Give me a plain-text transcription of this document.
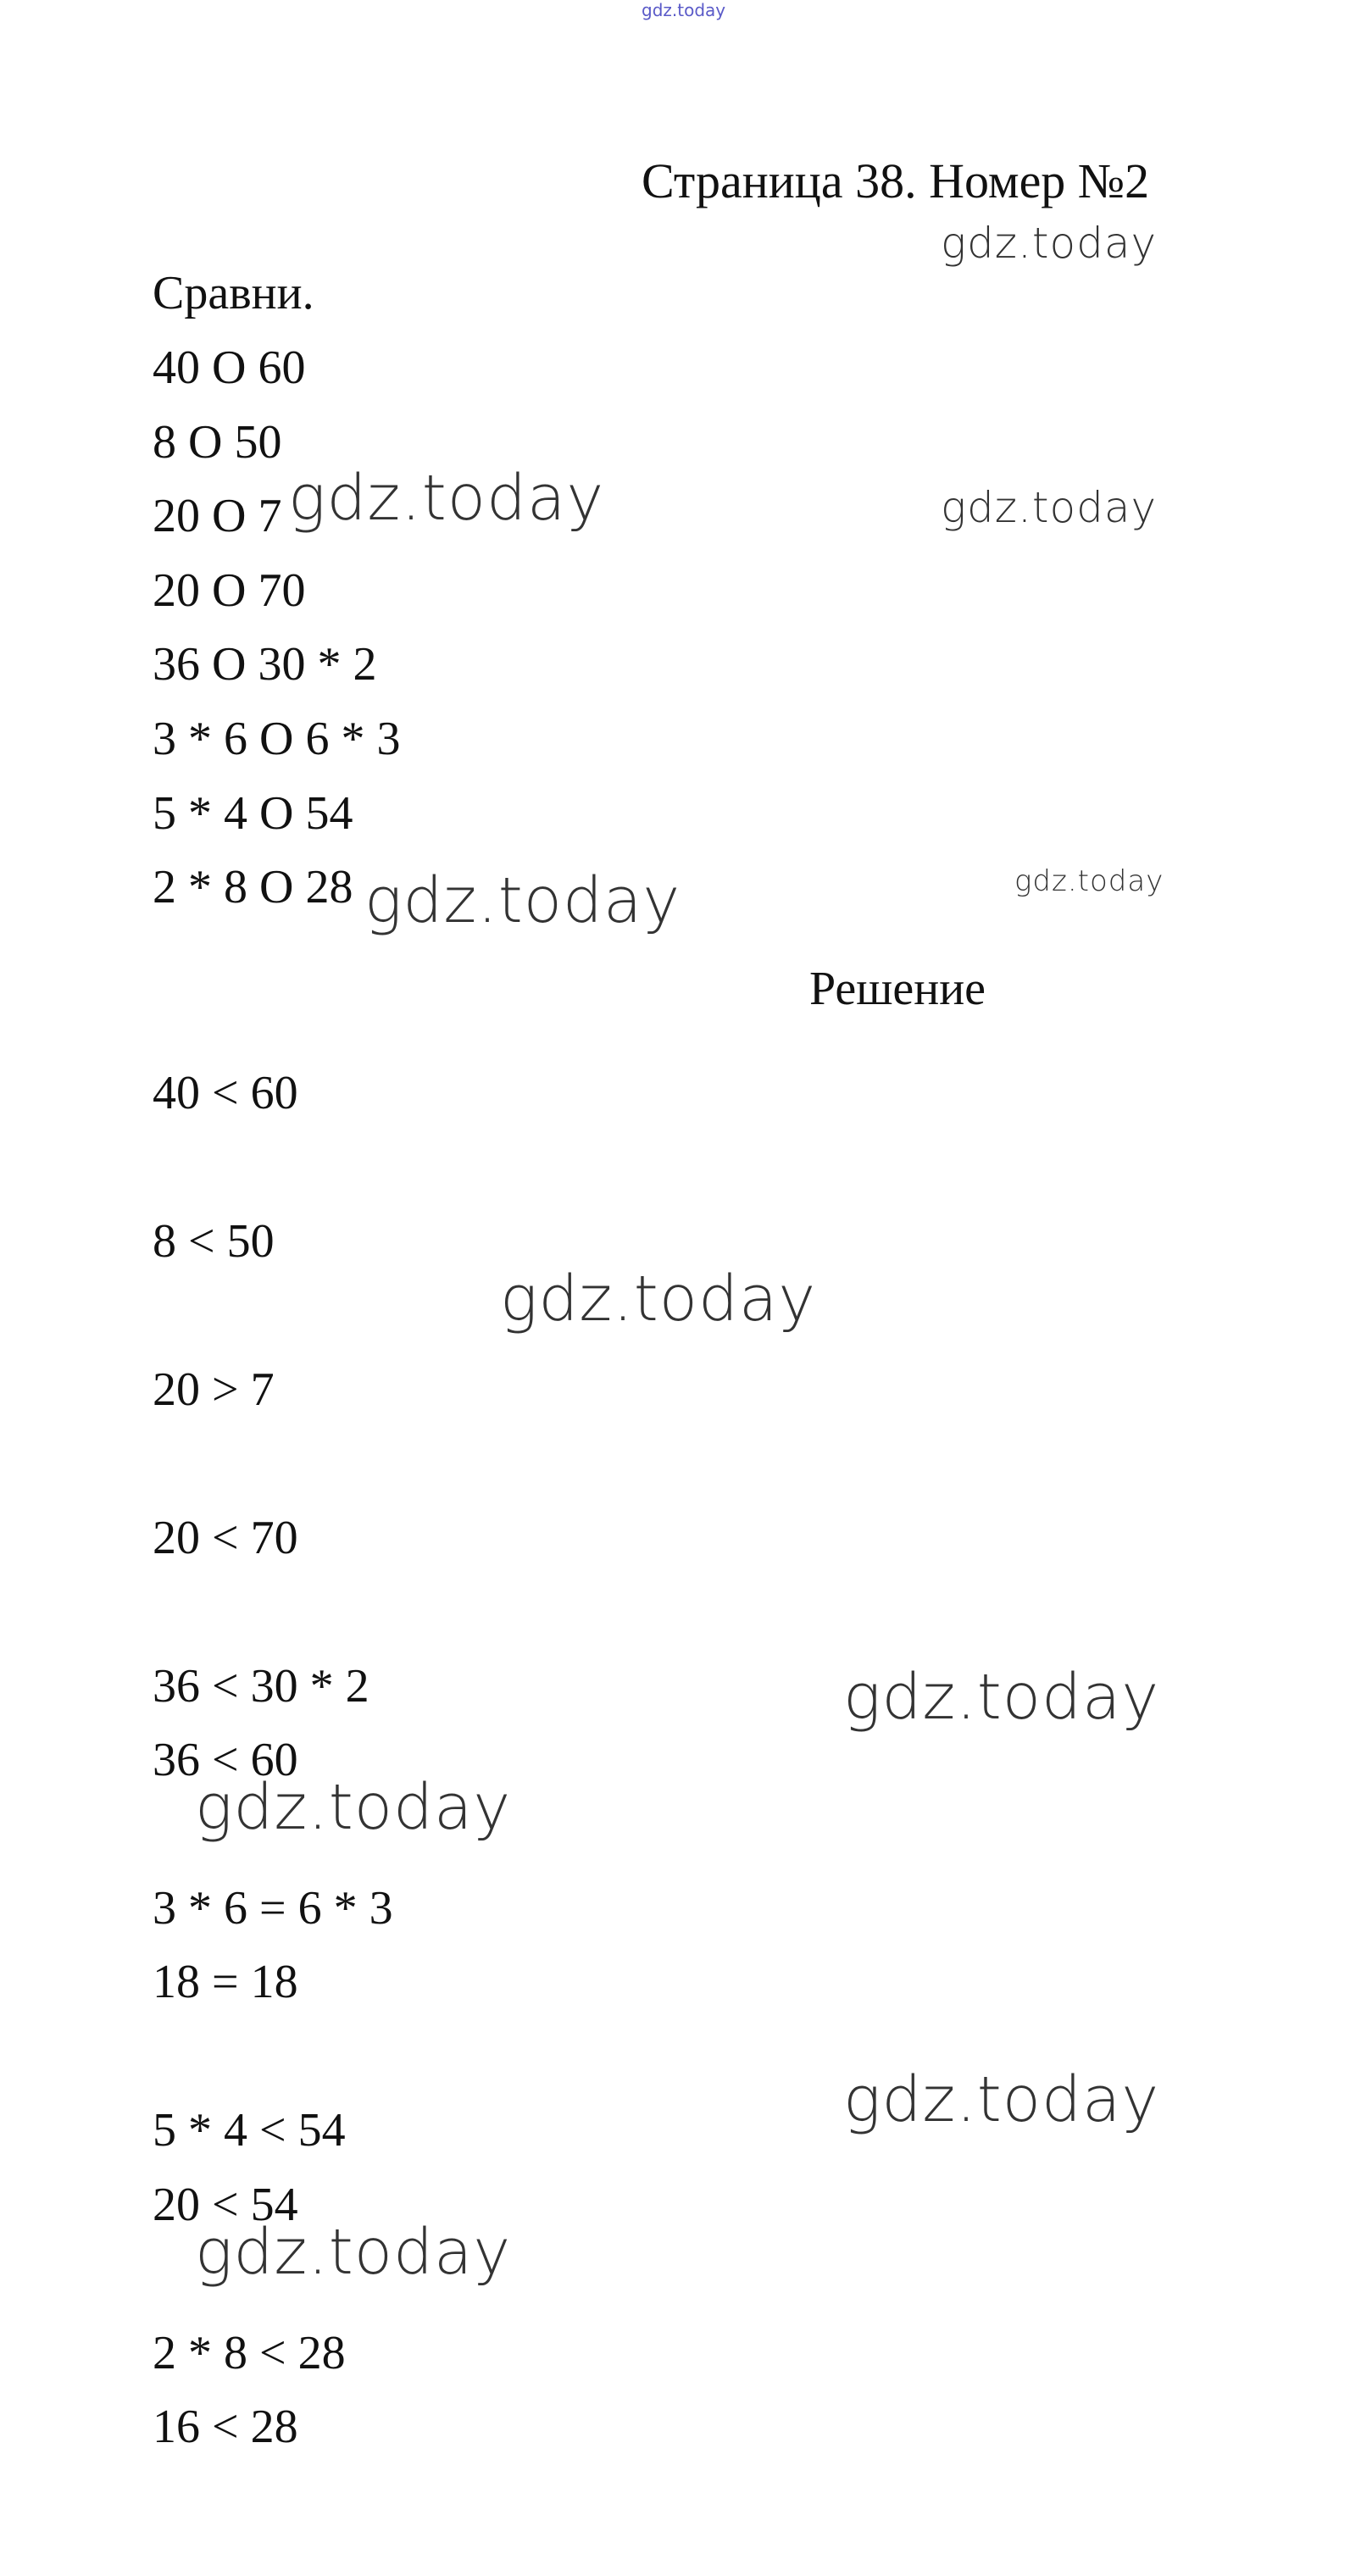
gdz.today
Страница 38. Номер №2
Сравни.
40 O 60
8 O 50
20 O 7
20 O 70
36 O 30 * 2
3 * 6 O 6 * 3
5 * 4 O 54
2 * 8 O 28
Решение
40 < 60
8 < 50
20 > 7
20 < 70
36 < 30 * 2
36 < 60
3 * 6 = 6 * 3
18 = 18
5 * 4 < 54
20 < 54
2 * 8 < 28
16 < 28
gdz.today
gdz.today	gdz.today
gdz.today	gdz.today
gdz.today
gdz.today
gdz.today
gdz.today
gdz.today
